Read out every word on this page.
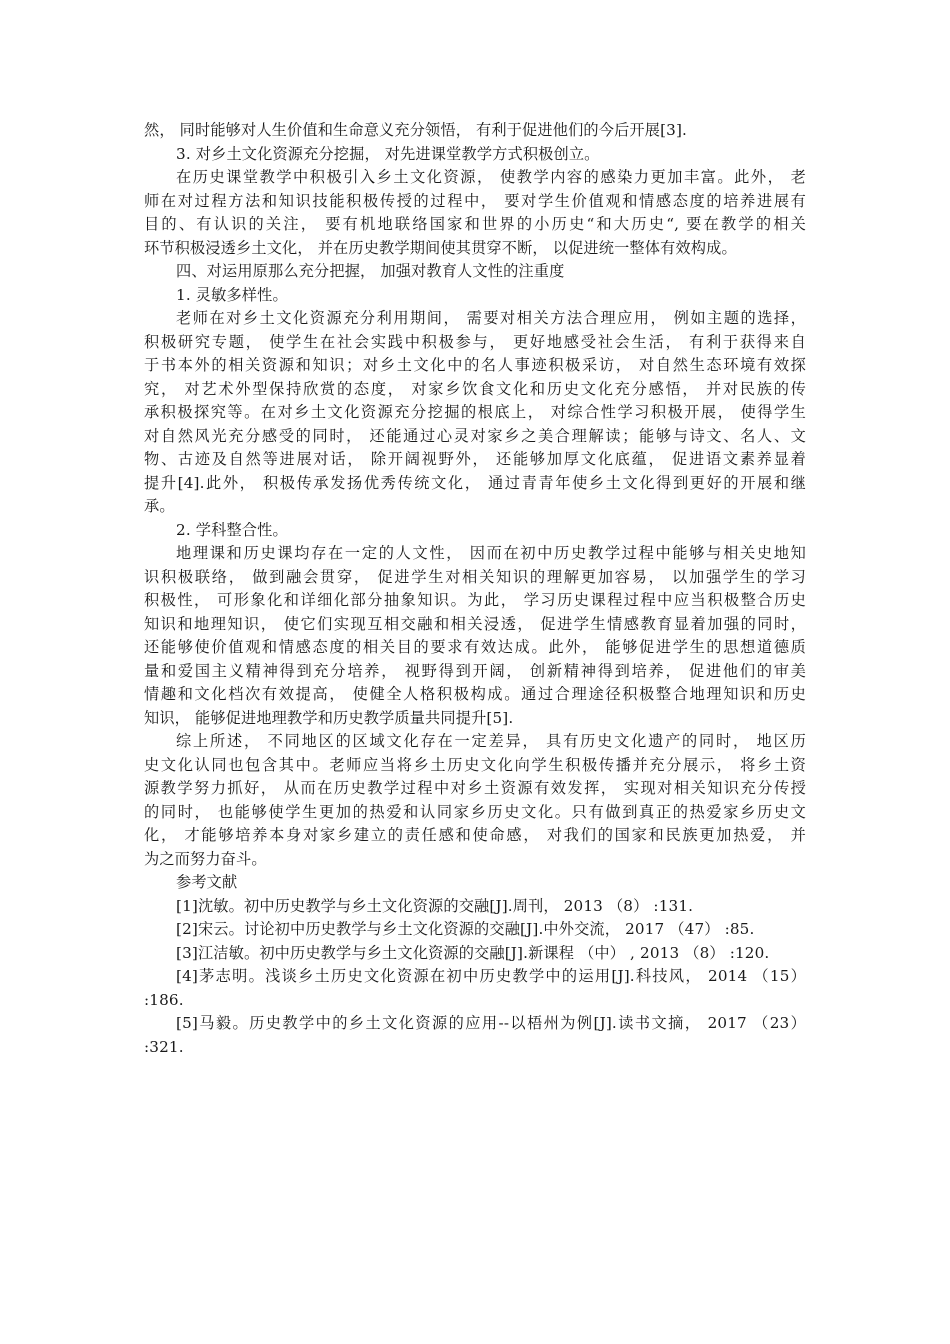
然， 同时能够对人生价值和生命意义充分领悟， 有利于促进他们的今后开展[3].
3. 对乡土文化资源充分挖掘， 对先进课堂教学方式积极创立。
在历史课堂教学中积极引入乡土文化资源， 使教学内容的感染力更加丰富。此外， 老
师在对过程方法和知识技能积极传授的过程中， 要对学生价值观和情感态度的培养进展有
目的、有认识的关注， 要有机地联络国家和世界的小历史“和大历史“, 要在教学的相关
环节积极浸透乡土文化， 并在历史教学期间使其贯穿不断， 以促进统一整体有效构成。
四、对运用原那么充分把握， 加强对教育人文性的注重度
1. 灵敏多样性。
老师在对乡土文化资源充分利用期间， 需要对相关方法合理应用， 例如主题的选择，
积极研究专题， 使学生在社会实践中积极参与， 更好地感受社会生活， 有利于获得来自
于书本外的相关资源和知识；对乡土文化中的名人事迹积极采访， 对自然生态环境有效探
究， 对艺术外型保持欣赏的态度， 对家乡饮食文化和历史文化充分感悟， 并对民族的传
承积极探究等。在对乡土文化资源充分挖掘的根底上， 对综合性学习积极开展， 使得学生
对自然风光充分感受的同时， 还能通过心灵对家乡之美合理解读；能够与诗文、名人、文
物、古迹及自然等进展对话， 除开阔视野外， 还能够加厚文化底蕴， 促进语文素养显着
提升[4].此外， 积极传承发扬优秀传统文化， 通过青青年使乡土文化得到更好的开展和继
承。
2. 学科整合性。
地理课和历史课均存在一定的人文性， 因而在初中历史教学过程中能够与相关史地知
识积极联络， 做到融会贯穿， 促进学生对相关知识的理解更加容易， 以加强学生的学习
积极性， 可形象化和详细化部分抽象知识。为此， 学习历史课程过程中应当积极整合历史
知识和地理知识， 使它们实现互相交融和相关浸透， 促进学生情感教育显着加强的同时，
还能够使价值观和情感态度的相关目的要求有效达成。此外， 能够促进学生的思想道德质
量和爱国主义精神得到充分培养， 视野得到开阔， 创新精神得到培养， 促进他们的审美
情趣和文化档次有效提高， 使健全人格积极构成。通过合理途径积极整合地理知识和历史
知识， 能够促进地理教学和历史教学质量共同提升[5].
综上所述， 不同地区的区域文化存在一定差异， 具有历史文化遗产的同时， 地区历
史文化认同也包含其中。老师应当将乡土历史文化向学生积极传播并充分展示， 将乡土资
源教学努力抓好， 从而在历史教学过程中对乡土资源有效发挥， 实现对相关知识充分传授
的同时， 也能够使学生更加的热爱和认同家乡历史文化。只有做到真正的热爱家乡历史文
化， 才能够培养本身对家乡建立的责任感和使命感， 对我们的国家和民族更加热爱， 并
为之而努力奋斗。
参考文献
[1]沈敏。初中历史教学与乡土文化资源的交融[J].周刊， 2013 （8） :131.
[2]宋云。讨论初中历史教学与乡土文化资源的交融[J].中外交流， 2017 （47） :85.
[3]江洁敏。初中历史教学与乡土文化资源的交融[J].新课程 （中） , 2013 （8） :120.
[4]茅志明。浅谈乡土历史文化资源在初中历史教学中的运用[J].科技风， 2014 （15）
:186.
[5]马毅。历史教学中的乡土文化资源的应用--以梧州为例[J].读书文摘， 2017 （23）
:321.
